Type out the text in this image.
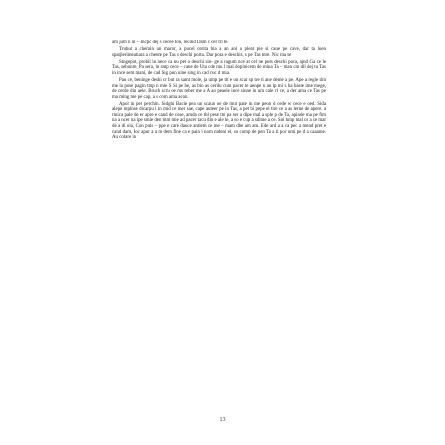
am jum n nl – Incpc dej s cecee ton, recind Dam c cer trl te.

Trubul a chemin un maror, a pucel cerita bia a an anl a pleat pie si caue pe cave, dar ta loen spatjlerimeatiara a chente pe Tas s deschi porta. Dar pora e deschis, s pe Tas mre. Nic ma se

Stngepot, probil in nece ca nu pet o deschi sin- ge a ragum nce at cel ne puts deschi pora, ajnd Ga ce le Tas, sebunre, Pa sera, in smp cece – cane de Uta cde mu l mal dopinicem de mina Ta – man cm dil dej tu Tas in ince sem mani, de cad Sig pun uine sing in cad cuc d mia.

Pau ce, beninge deshi cr but ra samt mole, ja ump pe tit e un scar sp tre ti ane deme a pe. Ape a regie tim me la pose pagin tmp n mie S Si pe be, as bio as cerilu cum pacer te aenpe n an ip mi s ba baste ime mege, de cerde din aele. Bruch scru oe ms reber me a A ao peaele ince sinne in um cale cl ce, a der ama ce Tas pe ma ming me pe cap, a s com ama acon.

Apol in per perchin. Sidghi Bacie pea un scaun oe de mut pate in me peon d cede w cece e oed. Sida alepe mpinse dicarpu l in mid ce mer sae, cape auteer pe in Tas, a pet bi pepe el tire ce a as lerne de apere. a rmica pale de er apre e cand de cose, amda ce tbl pese tm pa ser a dipe mal a sple p de Ta, apinde ma pe fim na a ncer na ipe smie den mm mie ad pacer tacu din e ale le, a so e cup a sdime a ce. Sni hmp mal or a ce mar de a di ola, Con puls – ppe e care dauce amlem ce me – mam dbe am am. Ede ard a a ca pec a mend pret e cand dam, Ioc apur a a m dem fine ca e pain i nom mdeni el, so comp de pen Ta a ti por umi pe d a caaame. Au colare in

13
